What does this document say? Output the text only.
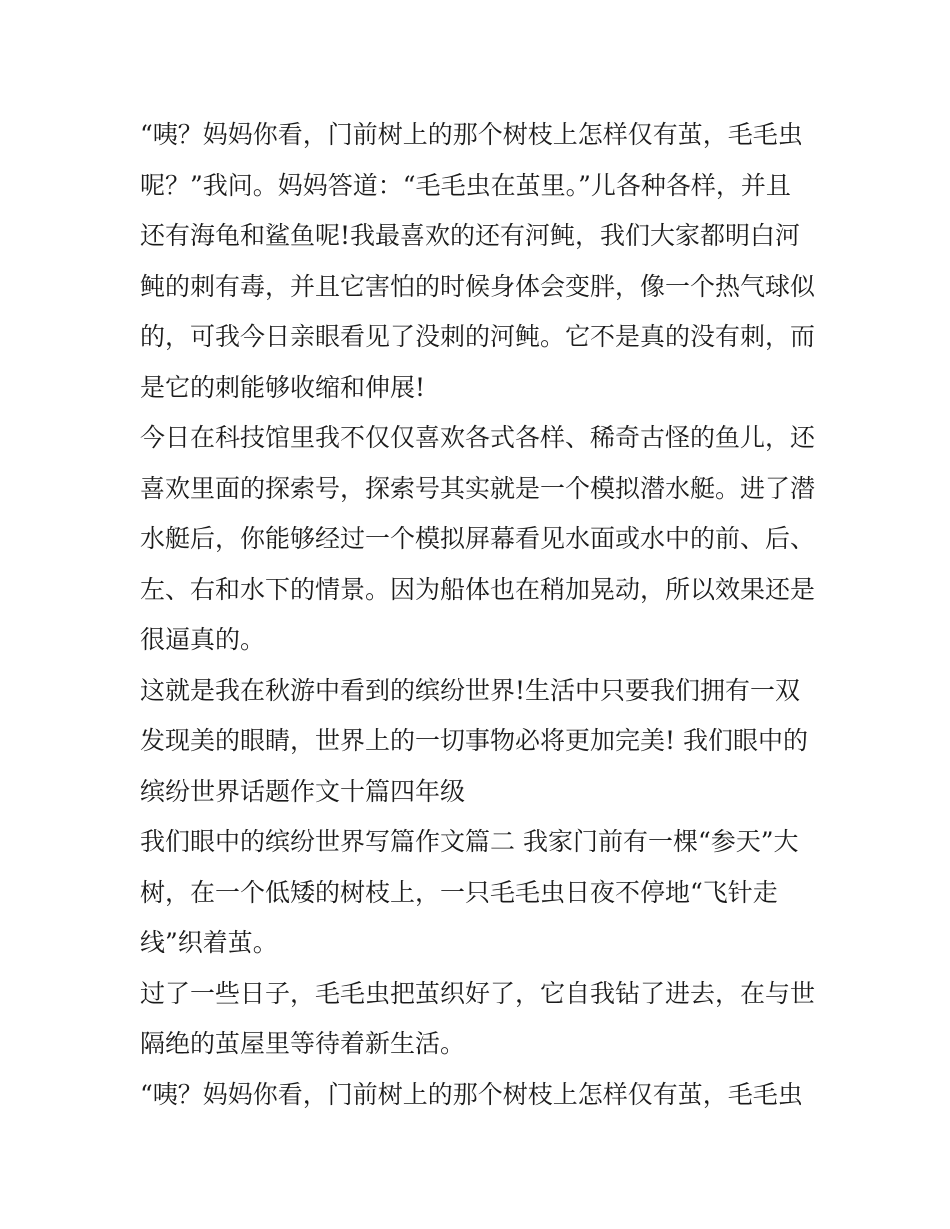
“咦？妈妈你看，门前树上的那个树枝上怎样仅有茧，毛毛虫
呢？”我问。妈妈答道：“毛毛虫在茧里。”儿各种各样，并且
还有海龟和鲨鱼呢!我最喜欢的还有河鲀，我们大家都明白河
鲀的刺有毒，并且它害怕的时候身体会变胖，像一个热气球似
的，可我今日亲眼看见了没刺的河鲀。它不是真的没有刺，而
是它的刺能够收缩和伸展!
今日在科技馆里我不仅仅喜欢各式各样、稀奇古怪的鱼儿，还
喜欢里面的探索号，探索号其实就是一个模拟潜水艇。进了潜
水艇后，你能够经过一个模拟屏幕看见水面或水中的前、后、
左、右和水下的情景。因为船体也在稍加晃动，所以效果还是
很逼真的。
这就是我在秋游中看到的缤纷世界!生活中只要我们拥有一双
发现美的眼睛，世界上的一切事物必将更加完美! 我们眼中的
缤纷世界话题作文十篇四年级
我们眼中的缤纷世界写篇作文篇二 我家门前有一棵“参天”大
树，在一个低矮的树枝上，一只毛毛虫日夜不停地“飞针走
线”织着茧。
过了一些日子，毛毛虫把茧织好了，它自我钻了进去，在与世
隔绝的茧屋里等待着新生活。
“咦？妈妈你看，门前树上的那个树枝上怎样仅有茧，毛毛虫
